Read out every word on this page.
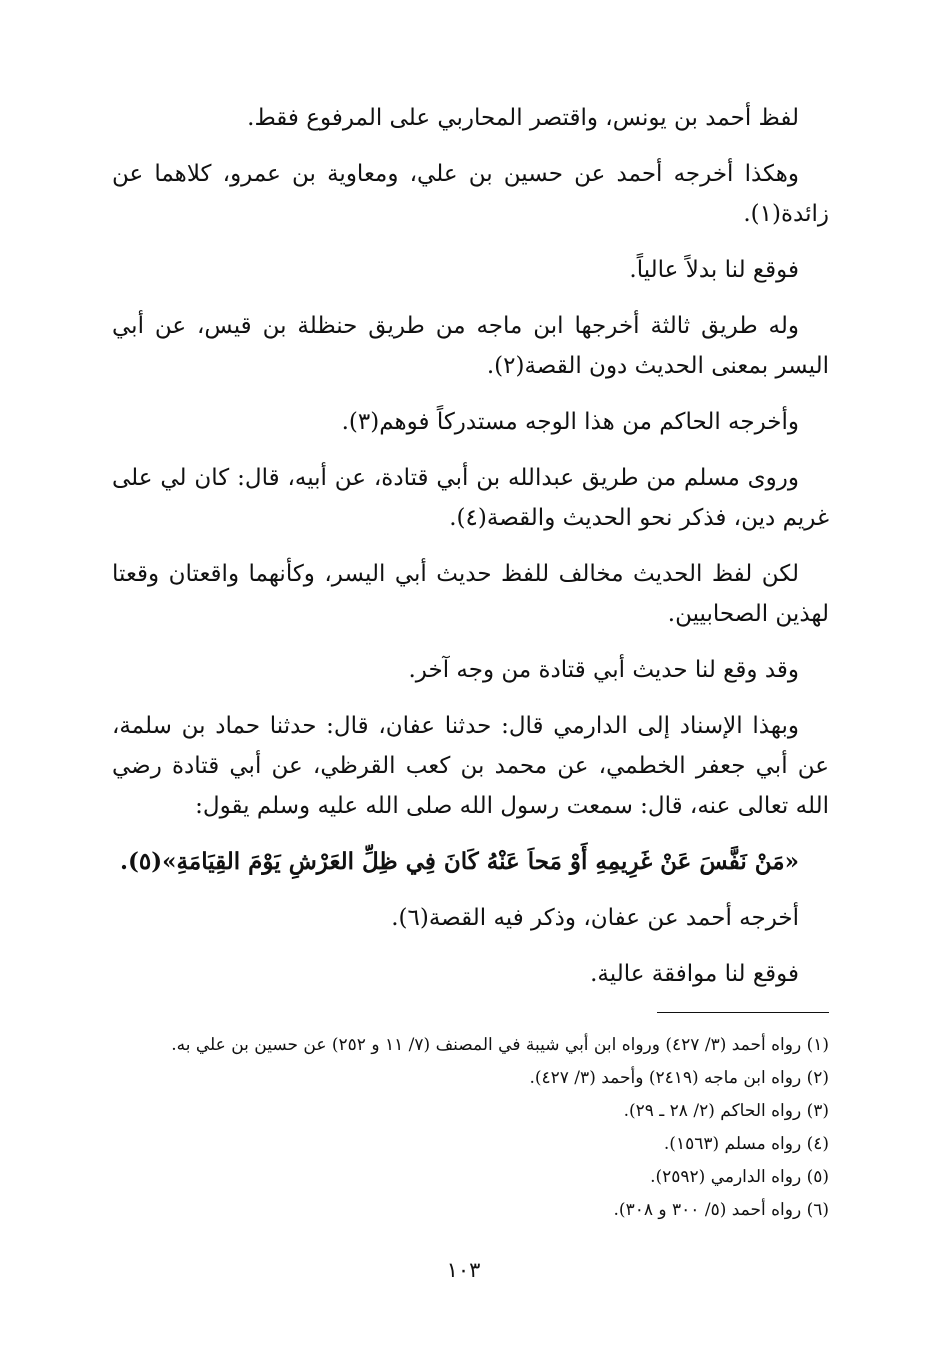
لفظ أحمد بن يونس، واقتصر المحاربي على المرفوع فقط.

وهكذا أخرجه أحمد عن حسين بن علي، ومعاوية بن عمرو، كلاهما عن زائدة(١).

فوقع لنا بدلاً عالياً.

وله طريق ثالثة أخرجها ابن ماجه من طريق حنظلة بن قيس، عن أبي اليسر بمعنى الحديث دون القصة(٢).

وأخرجه الحاكم من هذا الوجه مستدركاً فوهم(٣).

وروى مسلم من طريق عبدالله بن أبي قتادة، عن أبيه، قال: كان لي على غريم دين، فذكر نحو الحديث والقصة(٤).

لكن لفظ الحديث مخالف للفظ حديث أبي اليسر، وكأنهما واقعتان وقعتا لهذين الصحابيين.

وقد وقع لنا حديث أبي قتادة من وجه آخر.

وبهذا الإسناد إلى الدارمي قال: حدثنا عفان، قال: حدثنا حماد بن سلمة، عن أبي جعفر الخطمي، عن محمد بن كعب القرظي، عن أبي قتادة رضي الله تعالى عنه، قال: سمعت رسول الله صلى الله عليه وسلم يقول:

«مَنْ نَفَّسَ عَنْ غَرِيمِهِ أَوْ مَحاَ عَنْهُ كَانَ فِي ظِلِّ العَرْشِ يَوْمَ القِيَامَةِ»(٥).

أخرجه أحمد عن عفان، وذكر فيه القصة(٦).

فوقع لنا موافقة عالية.

(١) رواه أحمد (٣/ ٤٢٧) ورواه ابن أبي شيبة في المصنف (٧/ ١١ و ٢٥٢) عن حسين بن علي به.

(٢) رواه ابن ماجه (٢٤١٩) وأحمد (٣/ ٤٢٧).

(٣) رواه الحاكم (٢/ ٢٨ ـ ٢٩).

(٤) رواه مسلم (١٥٦٣).

(٥) رواه الدارمي (٢٥٩٢).

(٦) رواه أحمد (٥/ ٣٠٠ و ٣٠٨).

١٠٣
